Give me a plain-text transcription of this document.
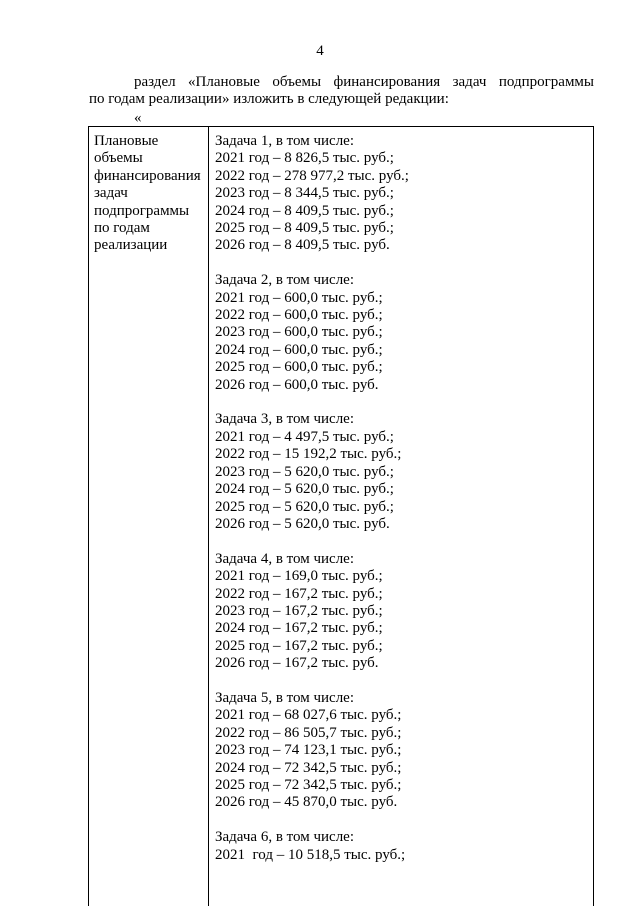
4
раздел «Плановые объемы финансирования задач подпрограммы
по годам реализации» изложить в следующей редакции:
«
Плановые
объемы
финансирования
задач
подпрограммы
по годам
реализации
Задача 1, в том числе:
2021 год – 8 826,5 тыс. руб.;
2022 год – 278 977,2 тыс. руб.;
2023 год – 8 344,5 тыс. руб.;
2024 год – 8 409,5 тыс. руб.;
2025 год – 8 409,5 тыс. руб.;
2026 год – 8 409,5 тыс. руб.
Задача 2, в том числе:
2021 год – 600,0 тыс. руб.;
2022 год – 600,0 тыс. руб.;
2023 год – 600,0 тыс. руб.;
2024 год – 600,0 тыс. руб.;
2025 год – 600,0 тыс. руб.;
2026 год – 600,0 тыс. руб.
Задача 3, в том числе:
2021 год – 4 497,5 тыс. руб.;
2022 год – 15 192,2 тыс. руб.;
2023 год – 5 620,0 тыс. руб.;
2024 год – 5 620,0 тыс. руб.;
2025 год – 5 620,0 тыс. руб.;
2026 год – 5 620,0 тыс. руб.
Задача 4, в том числе:
2021 год – 169,0 тыс. руб.;
2022 год – 167,2 тыс. руб.;
2023 год – 167,2 тыс. руб.;
2024 год – 167,2 тыс. руб.;
2025 год – 167,2 тыс. руб.;
2026 год – 167,2 тыс. руб.
Задача 5, в том числе:
2021 год – 68 027,6 тыс. руб.;
2022 год – 86 505,7 тыс. руб.;
2023 год – 74 123,1 тыс. руб.;
2024 год – 72 342,5 тыс. руб.;
2025 год – 72 342,5 тыс. руб.;
2026 год – 45 870,0 тыс. руб.
Задача 6, в том числе:
2021  год – 10 518,5 тыс. руб.;
